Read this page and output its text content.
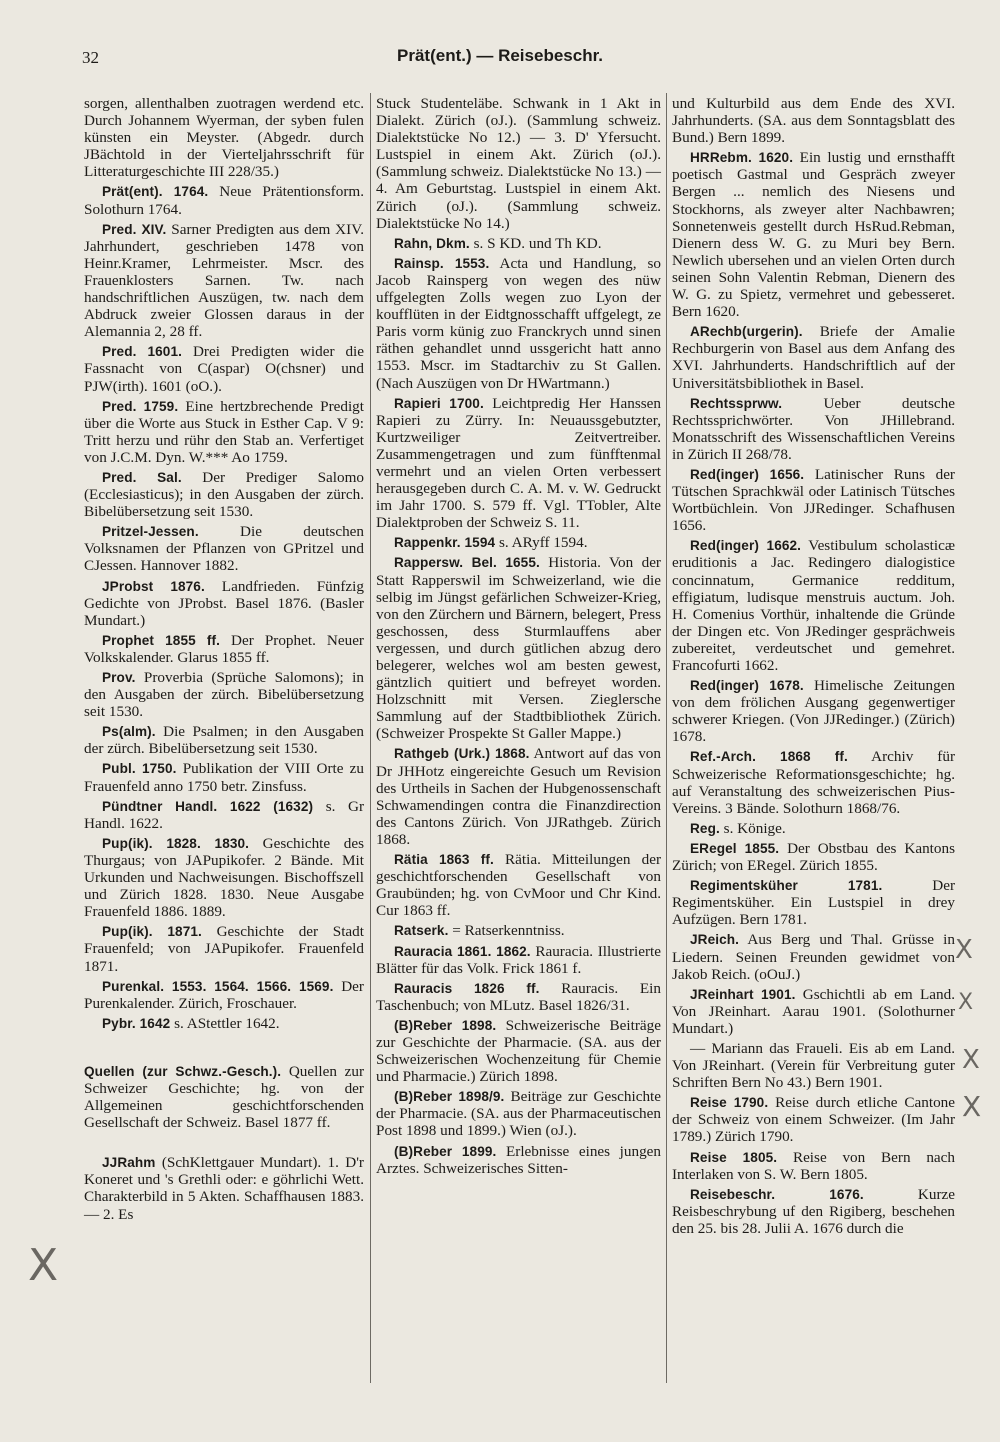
32	Prät(ent.) — Reisebeschr.

sorgen, allenthalben zuotragen werdend etc. Durch Johannem Wyerman, der syben fulen künsten ein Meyster. (Abgedr. durch JBächtold in der Vierteljahrsschrift für Litteraturgeschichte III 228/35.)

Prät(ent). 1764. Neue Prätentionsform. Solothurn 1764.

Pred. XIV. Sarner Predigten aus dem XIV. Jahrhundert, geschrieben 1478 von Heinr.Kramer, Lehrmeister. Mscr. des Frauenklosters Sarnen. Tw. nach handschriftlichen Auszügen, tw. nach dem Abdruck zweier Glossen daraus in der Alemannia 2, 28 ff.

Pred. 1601. Drei Predigten wider die Fassnacht von C(aspar) O(chsner) und PJW(irth). 1601 (oO.).

Pred. 1759. Eine hertzbrechende Predigt über die Worte aus Stuck in Esther Cap. V 9: Tritt herzu und rühr den Stab an. Verfertiget von J.C.M. Dyn. W.*** Ao 1759.

Pred. Sal. Der Prediger Salomo (Ecclesiasticus); in den Ausgaben der zürch. Bibelübersetzung seit 1530.

Pritzel-Jessen.	Die deutschen Volksnamen der Pflanzen von GPritzel und CJessen. Hannover 1882.

JProbst 1876. Landfrieden. Fünfzig Gedichte von JProbst. Basel 1876. (Basler Mundart.)

Prophet 1855 ff. Der Prophet. Neuer Volkskalender. Glarus 1855 ff.

Prov. Proverbia (Sprüche Salomons); in den Ausgaben der zürch. Bibelübersetzung seit 1530.

Ps(alm). Die Psalmen; in den Ausgaben der zürch. Bibelübersetzung seit 1530.

Publ. 1750. Publikation der VIII Orte zu Frauenfeld anno 1750 betr. Zinsfuss.

Pündtner Handl. 1622 (1632) s. Gr Handl. 1622.

Pup(ik). 1828. 1830. Geschichte des Thurgaus; von JAPupikofer. 2 Bände. Mit Urkunden und Nachweisungen. Bischoffszell und Zürich 1828. 1830. Neue Ausgabe Frauenfeld 1886. 1889.

Pup(ik). 1871. Geschichte der Stadt Frauenfeld; von JAPupikofer. Frauenfeld 1871.

Purenkal. 1553. 1564. 1566. 1569. Der Purenkalender. Zürich, Froschauer.

Pybr. 1642 s. AStettler 1642.

Quellen (zur Schwz.-Gesch.). Quellen zur Schweizer Geschichte; hg. von der Allgemeinen geschichtforschenden Gesellschaft der Schweiz. Basel 1877 ff.

JJRahm (SchKlettgauer Mundart). 1. D'r Koneret und 's Grethli oder: e göhrlichi Wett. Charakterbild in 5 Akten. Schaffhausen 1883. — 2. Es

Stuck Studenteläbe. Schwank in 1 Akt in Dialekt. Zürich (oJ.). (Sammlung schweiz. Dialektstücke No 12.) — 3. D' Yfersucht. Lustspiel in einem Akt. Zürich (oJ.). (Sammlung schweiz. Dialektstücke No 13.) — 4. Am Geburtstag. Lustspiel in einem Akt. Zürich (oJ.). (Sammlung schweiz. Dialektstücke No 14.)

Rahn, Dkm. s. S KD. und Th KD.

Rainsp. 1553. Acta und Handlung, so Jacob Rainsperg von wegen des nüw uffgelegten Zolls wegen zuo Lyon der koufflüten in der Eidtgnosschafft uffgelegt, ze Paris vorm künig zuo Franckrych unnd sinen räthen gehandlet unnd ussgericht hatt anno 1553. Mscr. im Stadtarchiv zu St Gallen. (Nach Auszügen von Dr HWartmann.)

Rapieri 1700. Leichtpredig Her Hanssen Rapieri zu Zürry. In: Neuaussgebutzter, Kurtzweiliger Zeitvertreiber. Zusammengetragen und zum fünfftenmal vermehrt und an vielen Orten verbessert herausgegeben durch C. A. M. v. W. Gedruckt im Jahr 1700. S. 579 ff. Vgl. TTobler, Alte Dialektproben der Schweiz S. 11.

Rappenkr. 1594 s. ARyff 1594.

Rappersw. Bel. 1655. Historia. Von der Statt Rapperswil im Schweizerland, wie die selbig im Jüngst gefärlichen Schweizer-Krieg, von den Zürchern und Bärnern, belegert, Press geschossen, dess Sturmlauffens aber vergessen, und durch gütlichen abzug dero belegerer, welches wol am besten gewest, gäntzlich quitiert und befreyet worden. Holzschnitt mit Versen. Zieglersche Sammlung auf der Stadtbibliothek Zürich. (Schweizer Prospekte St Galler Mappe.)

Rathgeb (Urk.) 1868. Antwort auf das von Dr JHHotz eingereichte Gesuch um Revision des Urtheils in Sachen der Hubgenossenschaft Schwamendingen contra die Finanzdirection des Cantons Zürich. Von JJRathgeb. Zürich 1868.

Rätia 1863 ff. Rätia. Mitteilungen der geschichtforschenden Gesellschaft von Graubünden; hg. von CvMoor und Chr Kind. Cur 1863 ff.

Ratserk. = Ratserkenntniss.

Rauracia 1861. 1862. Rauracia. Illustrierte Blätter für das Volk. Frick 1861 f.

Rauracis 1826 ff. Rauracis. Ein Taschenbuch; von MLutz. Basel 1826/31.

(B)Reber 1898. Schweizerische Beiträge zur Geschichte der Pharmacie. (SA. aus der Schweizerischen Wochenzeitung für Chemie und Pharmacie.) Zürich 1898.

(B)Reber 1898/9. Beiträge zur Geschichte der Pharmacie. (SA. aus der Pharmaceutischen Post 1898 und 1899.) Wien (oJ.).

(B)Reber 1899. Erlebnisse eines jungen Arztes. Schweizerisches Sitten-

und Kulturbild aus dem Ende des XVI. Jahrhunderts. (SA. aus dem Sonntagsblatt des Bund.) Bern 1899.

HRRebm. 1620. Ein lustig und ernsthafft poetisch Gastmal und Gespräch zweyer Bergen ... nemlich des Niesens und Stockhorns, als zweyer alter Nachbawren; Sonnetenweis gestellt durch HsRud.Rebman, Dienern dess W. G. zu Muri bey Bern. Newlich ubersehen und an vielen Orten durch seinen Sohn Valentin Rebman, Dienern des W. G. zu Spietz, vermehret und gebesseret. Bern 1620.

ARechb(urgerin). Briefe der Amalie Rechburgerin von Basel aus dem Anfang des XVI. Jahrhunderts. Handschriftlich auf der Universitätsbibliothek in Basel.

Rechtssprww.	Ueber deutsche Rechtssprichwörter. Von JHillebrand. Monatsschrift des Wissenschaftlichen Vereins in Zürich II 268/78.

Red(inger) 1656. Latinischer Runs der Tütschen Sprachkwäl oder Latinisch Tütsches Wortbüchlein. Von JJRedinger. Schafhusen 1656.

Red(inger) 1662. Vestibulum scholasticæ eruditionis a Jac. Redingero dialogistice concinnatum, Germanice redditum, effigiatum, ludisque menstruis auctum. Joh. H. Comenius Vorthür, inhaltende die Gründe der Dingen etc. Von JRedinger gesprächweis zubereitet, verdeutschet und gemehret. Francofurti 1662.

Red(inger) 1678. Himelische Zeitungen von dem frölichen Ausgang gegenwertiger schwerer Kriegen. (Von JJRedinger.) (Zürich) 1678.

Ref.-Arch. 1868 ff. Archiv für Schweizerische Reformationsgeschichte; hg. auf Veranstaltung des schweizerischen Pius-Vereins. 3 Bände. Solothurn 1868/76.

Reg. s. Könige.

ERegel 1855. Der Obstbau des Kantons Zürich; von ERegel. Zürich 1855.

Regimentsküher 1781.	Der Regimentsküher. Ein Lustspiel in drey Aufzügen. Bern 1781.

JReich. Aus Berg und Thal. Grüsse in Liedern. Seinen Freunden gewidmet von Jakob Reich. (oOuJ.)

JReinhart 1901. Gschichtli ab em Land. Von JReinhart. Aarau 1901. (Solothurner Mundart.)

— Mariann das Fraueli. Eis ab em Land. Von JReinhart. (Verein für Verbreitung guter Schriften Bern No 43.) Bern 1901.

Reise 1790. Reise durch etliche Cantone der Schweiz von einem Schweizer. (Im Jahr 1789.) Zürich 1790.

Reise 1805. Reise von Bern nach Interlaken von S. W. Bern 1805.

Reisebeschr. 1676.	Kurze Reisbeschrybung uf den Rigiberg, beschehen den 25. bis 28. Julii A. 1676 durch die

X
X
X
X
X
